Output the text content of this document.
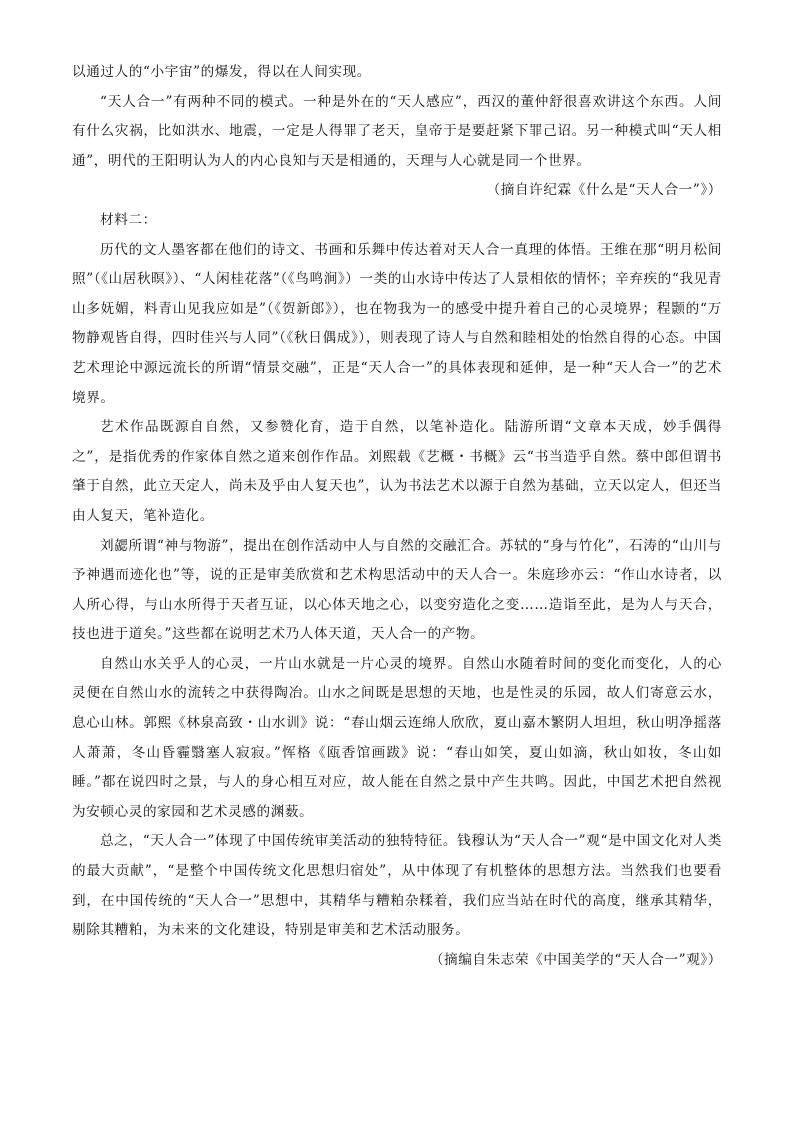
以通过人的“小宇宙”的爆发，得以在人间实现。

“天人合一”有两种不同的模式。一种是外在的“天人感应”，西汉的董仲舒很喜欢讲这个东西。人间有什么灾祸，比如洪水、地震，一定是人得罪了老天，皇帝于是要赶紧下罪己诏。另一种模式叫“天人相通”，明代的王阳明认为人的内心良知与天是相通的，天理与人心就是同一个世界。

（摘自许纪霖《什么是“天人合一”》）

材料二：

历代的文人墨客都在他们的诗文、书画和乐舞中传达着对天人合一真理的体悟。王维在那“明月松间照”（《山居秋暝》）、“人闲桂花落”（《鸟鸣涧》）一类的山水诗中传达了人景相依的情怀；辛弃疾的“我见青山多妩媚，料青山见我应如是”（《贺新郎》），也在物我为一的感受中提升着自己的心灵境界；程颢的“万物静观皆自得，四时佳兴与人同”（《秋日偶成》），则表现了诗人与自然和睦相处的怡然自得的心态。中国艺术理论中源远流长的所谓“情景交融”，正是“天人合一”的具体表现和延伸，是一种“天人合一”的艺术境界。

艺术作品既源自自然，又参赞化育，造于自然，以笔补造化。陆游所谓“文章本天成，妙手偶得之”，是指优秀的作家体自然之道来创作作品。刘熙载《艺概・书概》云“书当造乎自然。蔡中郎但谓书肇于自然，此立天定人，尚未及乎由人复天也”，认为书法艺术以源于自然为基础，立天以定人，但还当由人复天，笔补造化。

刘勰所谓“神与物游”，提出在创作活动中人与自然的交融汇合。苏轼的“身与竹化”，石涛的“山川与予神遇而迹化也”等，说的正是审美欣赏和艺术构思活动中的天人合一。朱庭珍亦云：“作山水诗者，以人所心得，与山水所得于天者互证，以心体天地之心，以变穷造化之变……造诣至此，是为人与天合，技也进于道矣。”这些都在说明艺术乃人体天道，天人合一的产物。

自然山水关乎人的心灵，一片山水就是一片心灵的境界。自然山水随着时间的变化而变化，人的心灵便在自然山水的流转之中获得陶冶。山水之间既是思想的天地，也是性灵的乐园，故人们寄意云水，息心山林。郭熙《林泉高致・山水训》说：“春山烟云连绵人欣欣，夏山嘉木繁阴人坦坦，秋山明净摇落人萧萧，冬山昏霾翳塞人寂寂。”恽格《瓯香馆画跋》说：“春山如笑，夏山如滴，秋山如妆，冬山如睡。”都在说四时之景，与人的身心相互对应，故人能在自然之景中产生共鸣。因此，中国艺术把自然视为安顿心灵的家园和艺术灵感的渊薮。

总之，“天人合一”体现了中国传统审美活动的独特特征。钱穆认为“天人合一”观“是中国文化对人类的最大贡献”，“是整个中国传统文化思想归宿处”，从中体现了有机整体的思想方法。当然我们也要看到，在中国传统的“天人合一”思想中，其精华与糟粕杂糅着，我们应当站在时代的高度，继承其精华，剔除其糟粕，为未来的文化建设，特别是审美和艺术活动服务。

（摘编自朱志荣《中国美学的“天人合一”观》）
